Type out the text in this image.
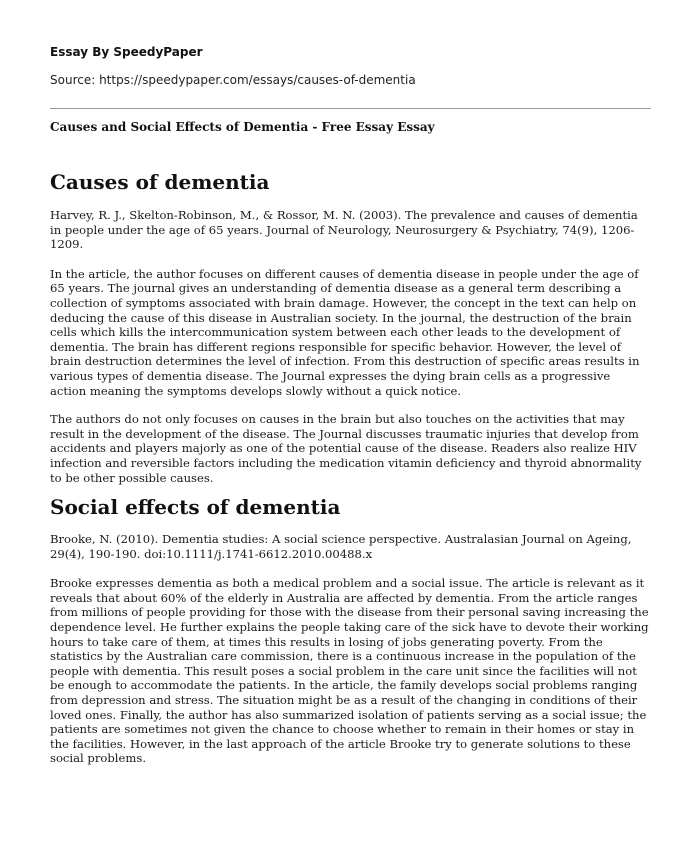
Essay By SpeedyPaper
Source: https://speedypaper.com/essays/causes-of-dementia
Causes and Social Effects of Dementia - Free Essay Essay
Causes of dementia

Harvey, R. J., Skelton-Robinson, M., & Rossor, M. N. (2003). The prevalence and causes of dementia in people under the age of 65 years. Journal of Neurology, Neurosurgery & Psychiatry, 74(9), 1206-1209.

In the article, the author focuses on different causes of dementia disease in people under the age of 65 years. The journal gives an understanding of dementia disease as a general term describing a collection of symptoms associated with brain damage. However, the concept in the text can help on deducing the cause of this disease in Australian society. In the journal, the destruction of the brain cells which kills the intercommunication system between each other leads to the development of dementia. The brain has different regions responsible for specific behavior. However, the level of brain destruction determines the level of infection. From this destruction of specific areas results in various types of dementia disease. The Journal expresses the dying brain cells as a progressive action meaning the symptoms develops slowly without a quick notice.

The authors do not only focuses on causes in the brain but also touches on the activities that may result in the development of the disease. The Journal discusses traumatic injuries that develop from accidents and players majorly as one of the potential cause of the disease. Readers also realize HIV infection and reversible factors including the medication vitamin deficiency and thyroid abnormality to be other possible causes.

Social effects of dementia

Brooke, N. (2010). Dementia studies: A social science perspective. Australasian Journal on Ageing, 29(4), 190-190. doi:10.1111/j.1741-6612.2010.00488.x

Brooke expresses dementia as both a medical problem and a social issue. The article is relevant as it reveals that about 60% of the elderly in Australia are affected by dementia. From the article ranges from millions of people providing for those with the disease from their personal saving increasing the dependence level. He further explains the people taking care of the sick have to devote their working hours to take care of them, at times this results in losing of jobs generating poverty. From the statistics by the Australian care commission, there is a continuous increase in the population of the people with dementia. This result poses a social problem in the care unit since the facilities will not be enough to accommodate the patients. In the article, the family develops social problems ranging from depression and stress. The situation might be as a result of the changing in conditions of their loved ones. Finally, the author has also summarized isolation of patients serving as a social issue; the patients are sometimes not given the chance to choose whether to remain in their homes or stay in the facilities. However, in the last approach of the article Brooke try to generate solutions to these social problems.
